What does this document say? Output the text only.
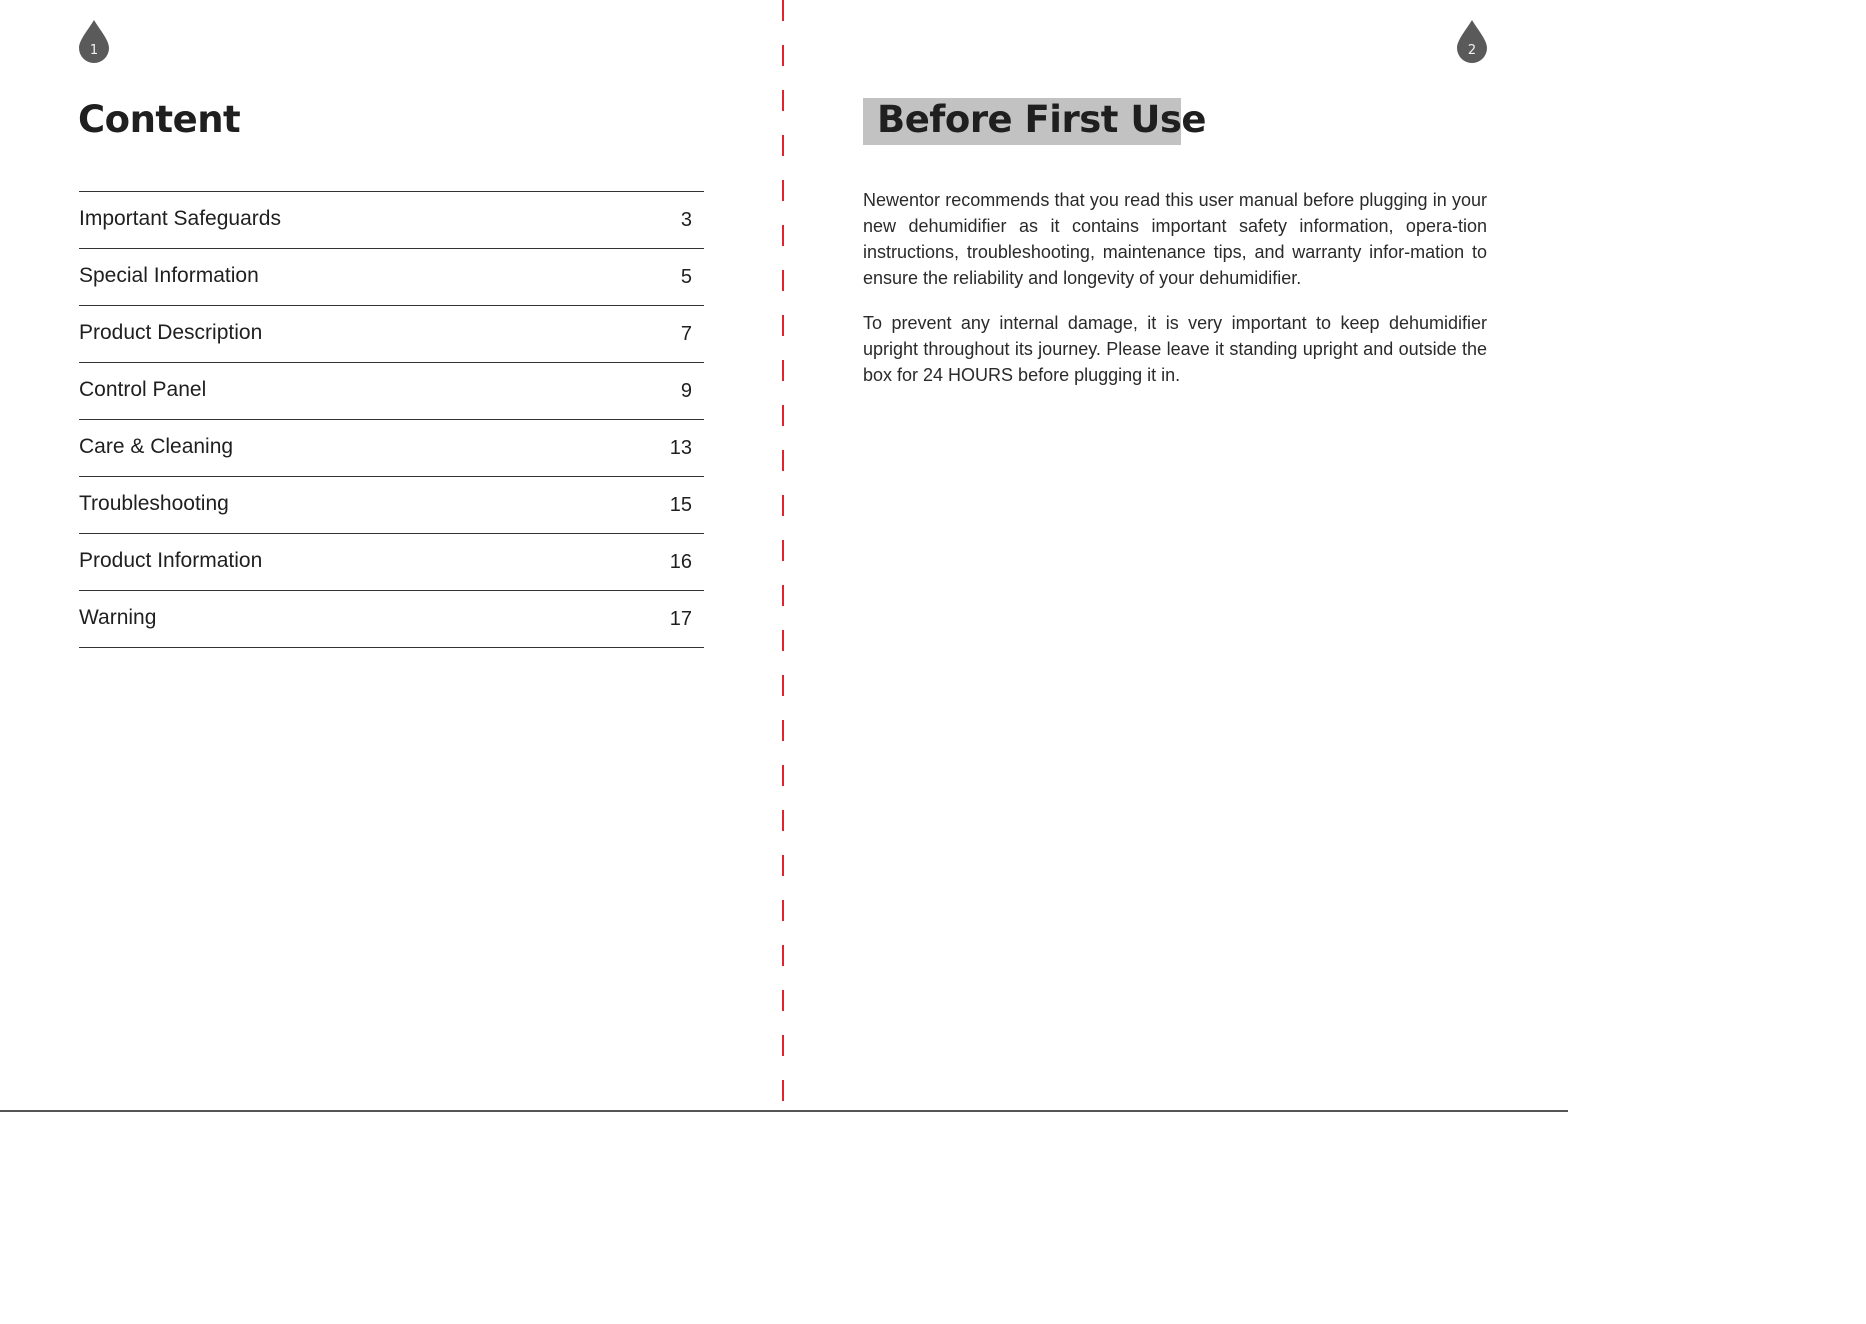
1
Content
Important Safeguards	3
Special Information	5
Product Description	7
Control Panel	9
Care & Cleaning	13
Troubleshooting	15
Product Information	16
Warning	17
2
Before First Use

Newentor recommends that you read this user manual before plugging in your new dehumidifier as it contains important safety information, opera-tion instructions, troubleshooting, maintenance tips, and warranty infor-mation to ensure the reliability and longevity of your dehumidifier.

To prevent any internal damage, it is very important to keep dehumidifier upright throughout its journey. Please leave it standing upright and outside the box for 24 HOURS before plugging it in.
